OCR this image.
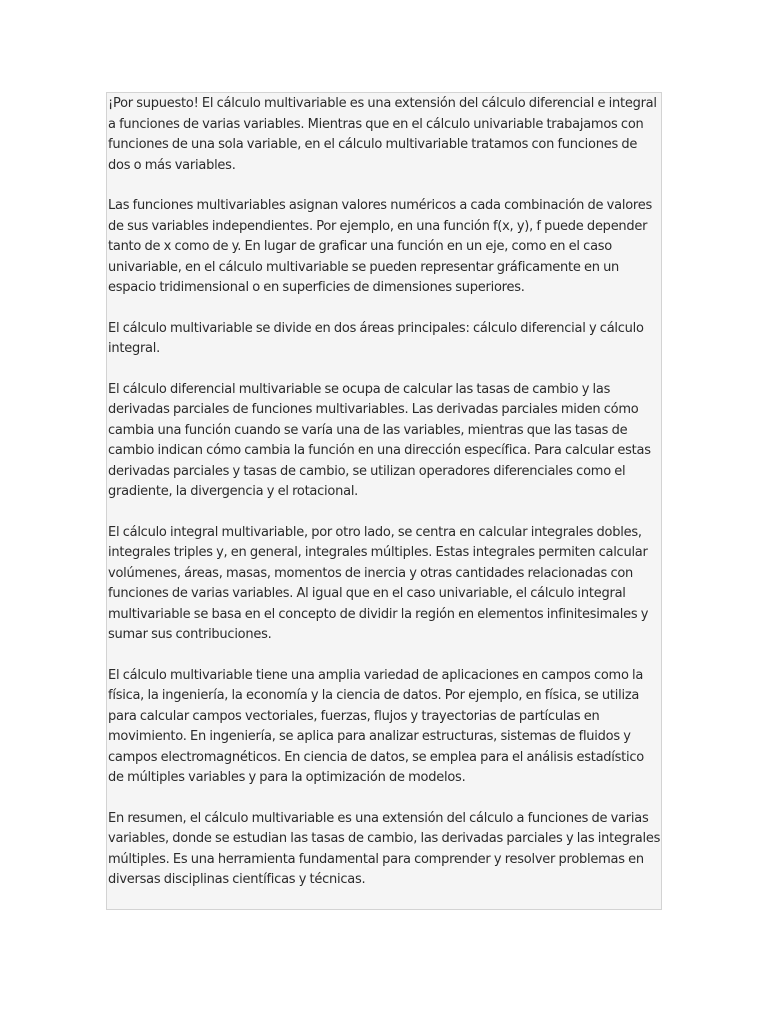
¡Por supuesto! El cálculo multivariable es una extensión del cálculo diferencial e integral a funciones de varias variables. Mientras que en el cálculo univariable trabajamos con funciones de una sola variable, en el cálculo multivariable tratamos con funciones de dos o más variables.

Las funciones multivariables asignan valores numéricos a cada combinación de valores de sus variables independientes. Por ejemplo, en una función f(x, y), f puede depender tanto de x como de y. En lugar de graficar una función en un eje, como en el caso univariable, en el cálculo multivariable se pueden representar gráficamente en un espacio tridimensional o en superficies de dimensiones superiores.

El cálculo multivariable se divide en dos áreas principales: cálculo diferencial y cálculo integral.

El cálculo diferencial multivariable se ocupa de calcular las tasas de cambio y las derivadas parciales de funciones multivariables. Las derivadas parciales miden cómo cambia una función cuando se varía una de las variables, mientras que las tasas de cambio indican cómo cambia la función en una dirección específica. Para calcular estas derivadas parciales y tasas de cambio, se utilizan operadores diferenciales como el gradiente, la divergencia y el rotacional.

El cálculo integral multivariable, por otro lado, se centra en calcular integrales dobles, integrales triples y, en general, integrales múltiples. Estas integrales permiten calcular volúmenes, áreas, masas, momentos de inercia y otras cantidades relacionadas con funciones de varias variables. Al igual que en el caso univariable, el cálculo integral multivariable se basa en el concepto de dividir la región en elementos infinitesimales y sumar sus contribuciones.

El cálculo multivariable tiene una amplia variedad de aplicaciones en campos como la física, la ingeniería, la economía y la ciencia de datos. Por ejemplo, en física, se utiliza para calcular campos vectoriales, fuerzas, flujos y trayectorias de partículas en movimiento. En ingeniería, se aplica para analizar estructuras, sistemas de fluidos y campos electromagnéticos. En ciencia de datos, se emplea para el análisis estadístico de múltiples variables y para la optimización de modelos.

En resumen, el cálculo multivariable es una extensión del cálculo a funciones de varias variables, donde se estudian las tasas de cambio, las derivadas parciales y las integrales múltiples. Es una herramienta fundamental para comprender y resolver problemas en diversas disciplinas científicas y técnicas.
